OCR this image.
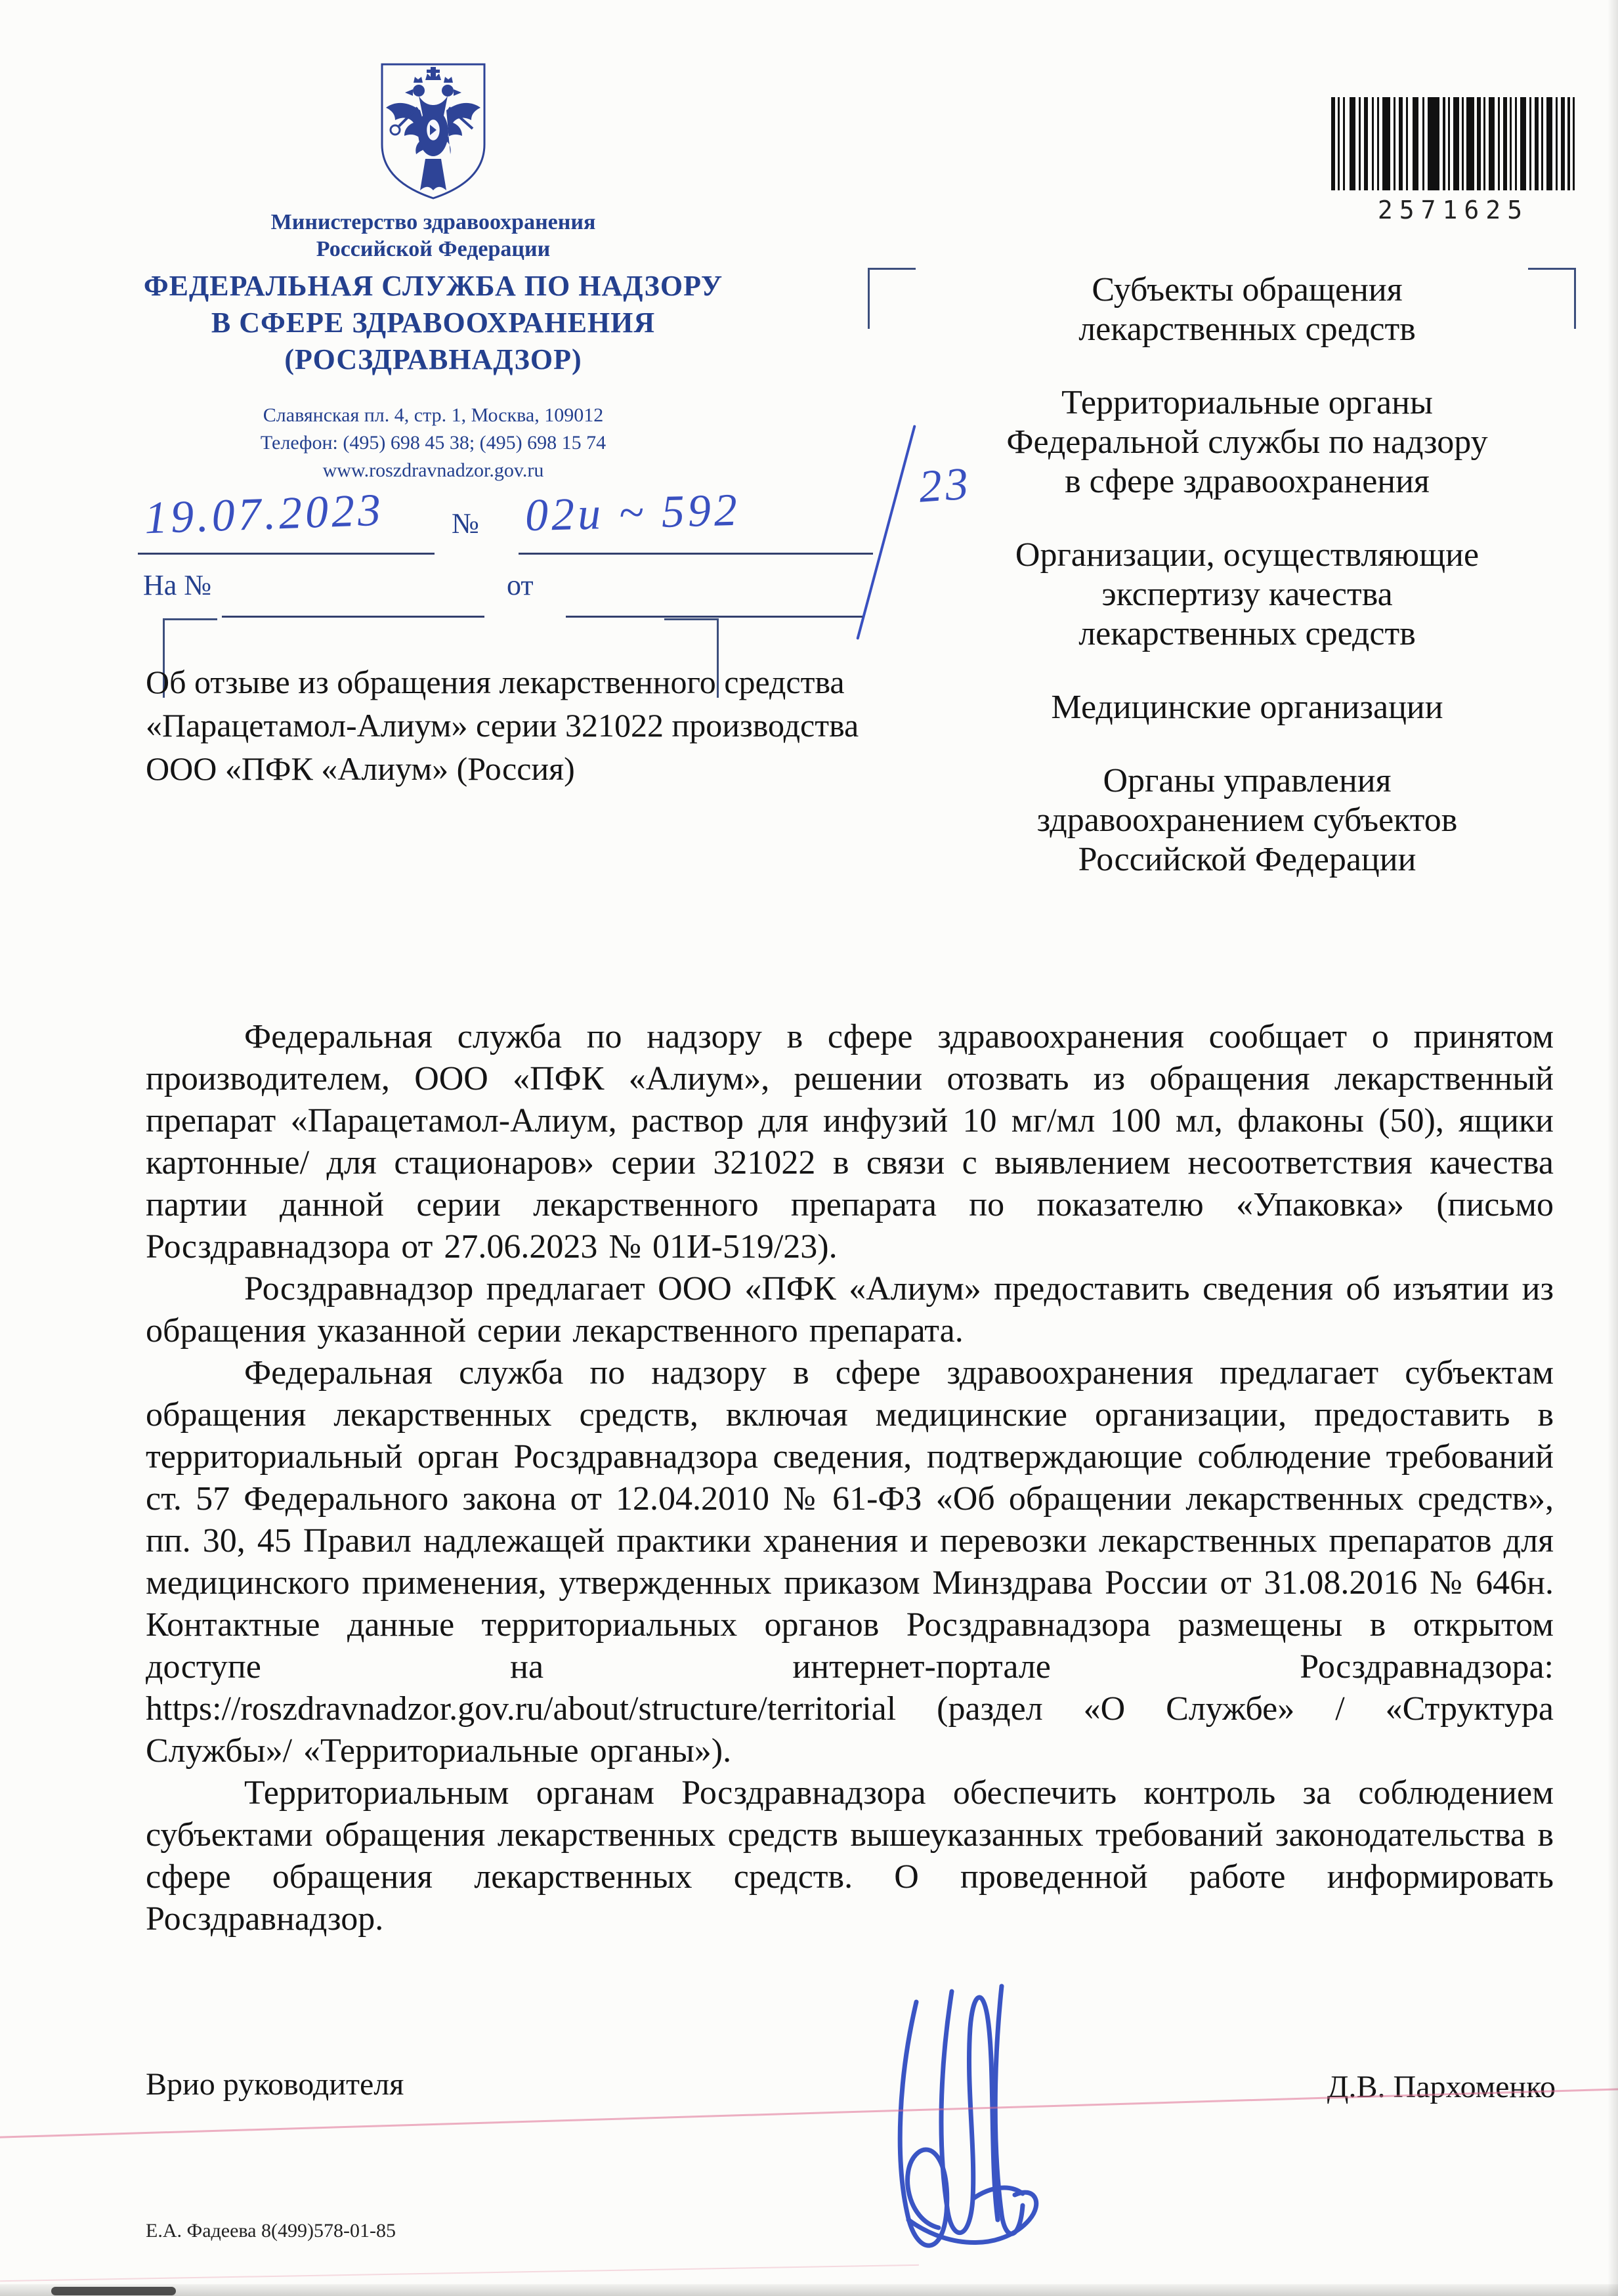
Министерство здравоохранения
Российской Федерации
ФЕДЕРАЛЬНАЯ СЛУЖБА ПО НАДЗОРУ
В СФЕРЕ ЗДРАВООХРАНЕНИЯ
(РОСЗДРАВНАДЗОР)
Славянская пл. 4, стр. 1, Москва, 109012
Телефон: (495) 698 45 38; (495) 698 15 74
www.roszdravnadzor.gov.ru
19.07.2023 № 02и ~ 592	23
На №	от
Об отзыве из обращения лекарственного средства «Парацетамол-Алиум» серии 321022 производства ООО «ПФК «Алиум» (Россия)
2571625
Субъекты обращения
лекарственных средств
Территориальные органы
Федеральной службы по надзору
в сфере здравоохранения
Организации, осуществляющие
экспертизу качества
лекарственных средств
Медицинские организации
Органы управления
здравоохранением субъектов
Российской Федерации

Федеральная служба по надзору в сфере здравоохранения сообщает о принятом производителем, ООО «ПФК «Алиум», решении отозвать из обращения лекарственный препарат «Парацетамол-Алиум, раствор для инфузий 10 мг/мл 100 мл, флаконы (50), ящики картонные/ для стационаров» серии 321022 в связи с выявлением несоответствия качества партии данной серии лекарственного препарата по показателю «Упаковка» (письмо Росздравнадзора от 27.06.2023 № 01И-519/23).

Росздравнадзор предлагает ООО «ПФК «Алиум» предоставить сведения об изъятии из обращения указанной серии лекарственного препарата.

Федеральная служба по надзору в сфере здравоохранения предлагает субъектам обращения лекарственных средств, включая медицинские организации, предоставить в территориальный орган Росздравнадзора сведения, подтверждающие соблюдение требований ст. 57 Федерального закона от 12.04.2010 № 61-ФЗ «Об обращении лекарственных средств», пп. 30, 45 Правил надлежащей практики хранения и перевозки лекарственных препаратов для медицинского применения, утвержденных приказом Минздрава России от 31.08.2016 № 646н. Контактные данные территориальных органов Росздравнадзора размещены в открытом доступе на интернет-портале Росздравнадзора: https://roszdravnadzor.gov.ru/about/structure/territorial (раздел «О Службе» / «Структура Службы»/ «Территориальные органы»).

Территориальным органам Росздравнадзора обеспечить контроль за соблюдением субъектами обращения лекарственных средств вышеуказанных требований законодательства в сфере обращения лекарственных средств. О проведенной работе информировать Росздравнадзор.

Врио руководителя	Д.В. Пархоменко
Е.А. Фадеева 8(499)578-01-85
